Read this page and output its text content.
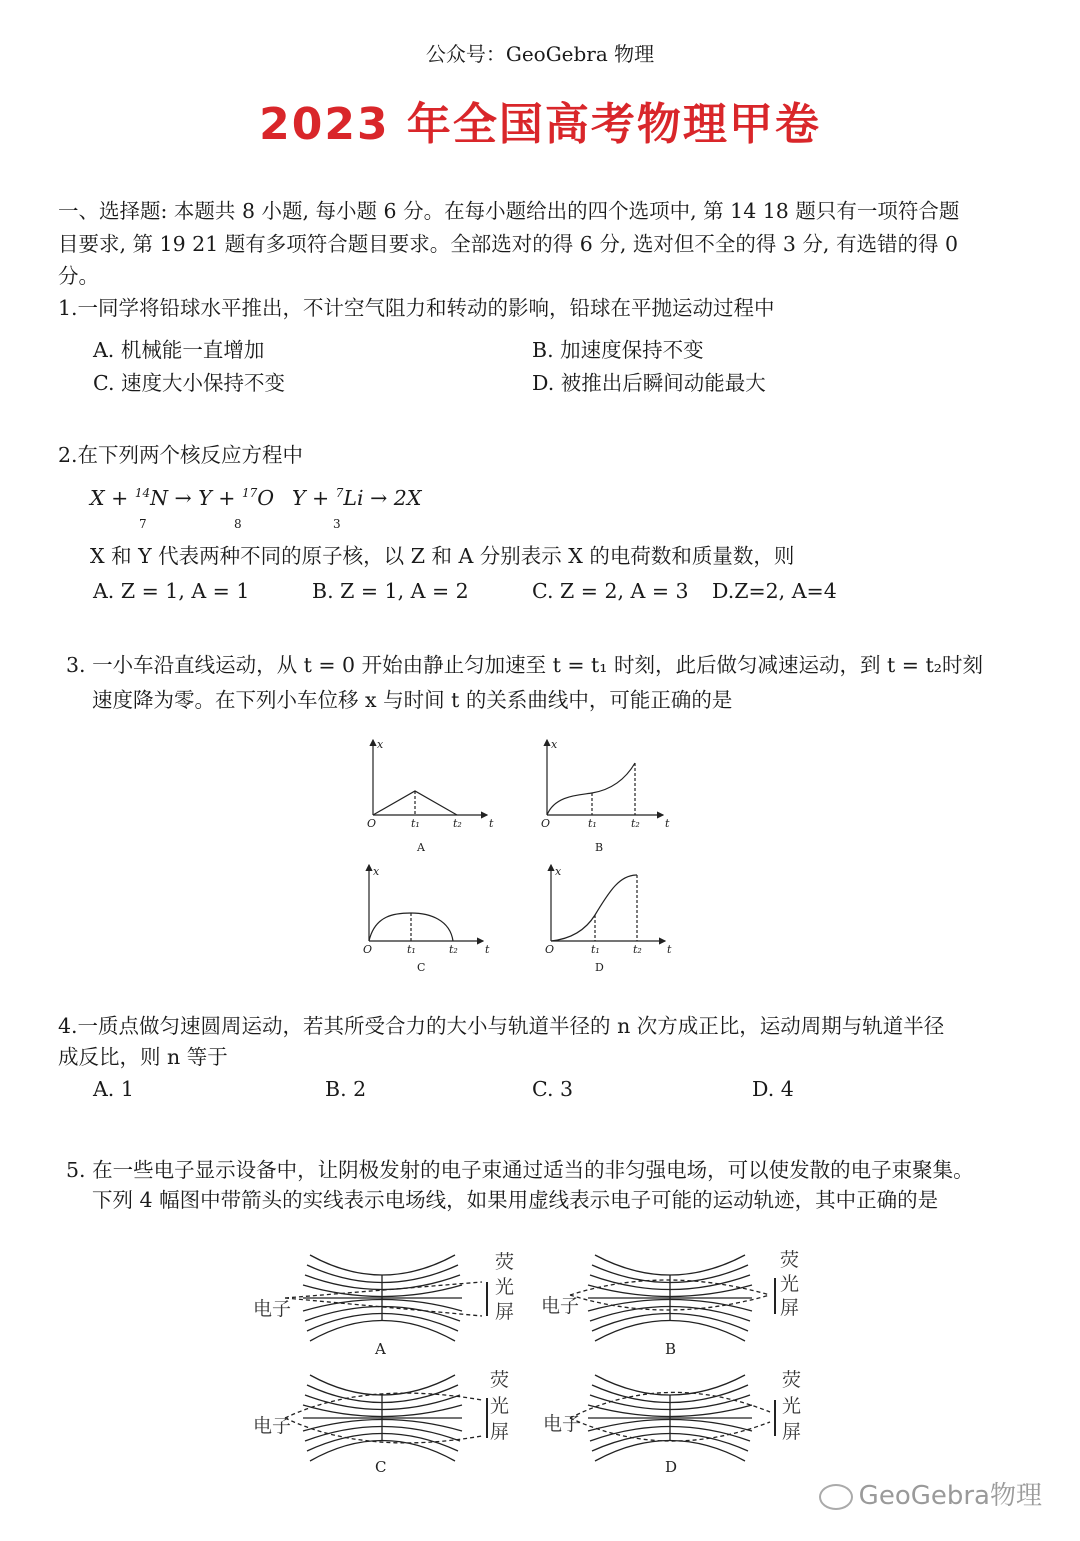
公众号：GeoGebra 物理
2023 年全国高考物理甲卷
一、选择题: 本题共 8 小题, 每小题 6 分。在每小题给出的四个选项中, 第 14 18 题只有一项符合题
目要求, 第 19 21 题有多项符合题目要求。全部选对的得 6 分, 选对但不全的得 3 分, 有选错的得 0
分。
1.一同学将铅球水平推出，不计空气阻力和转动的影响，铅球在平抛运动过程中
A. 机械能一直增加	B. 加速度保持不变
C. 速度大小保持不变	D. 被推出后瞬间动能最大
2.在下列两个核反应方程中
X + $^{14}$N → Y + $^{17}$O
7	8
Y + $^7$Li → 2X
3
X 和 Y 代表两种不同的原子核，以 Z 和 A 分别表示 X 的电荷数和质量数，则
A. Z = 1, A = 1	B. Z = 1, A = 2	C. Z = 2, A = 3 D.Z=2, A=4
3. 一小车沿直线运动，从 t = 0 开始由静止匀加速至 t = t₁ 时刻，此后做匀减速运动，到 t = t₂时刻
速度降为零。在下列小车位移 x 与时间 t 的关系曲线中，可能正确的是
x
t
O	t₁	t₂
x
t
O	t₁	t₂
x
t
O	t₁	t₂
x
t
O	t₁	t₂
A	B
C	D
4.一质点做匀速圆周运动，若其所受合力的大小与轨道半径的 n 次方成正比，运动周期与轨道半径
成反比，则 n 等于
A. 1	B. 2	C. 3	D. 4
5. 在一些电子显示设备中，让阴极发射的电子束通过适当的非匀强电场，可以使发散的电子束聚集。
下列 4 幅图中带箭头的实线表示电场线，如果用虚线表示电子可能的运动轨迹，其中正确的是
电子	电子
电子	电子
荧
光
屏
荧
光
屏
荧
光
屏
荧
光
屏
A	B
C	D
GeoGebra物理
